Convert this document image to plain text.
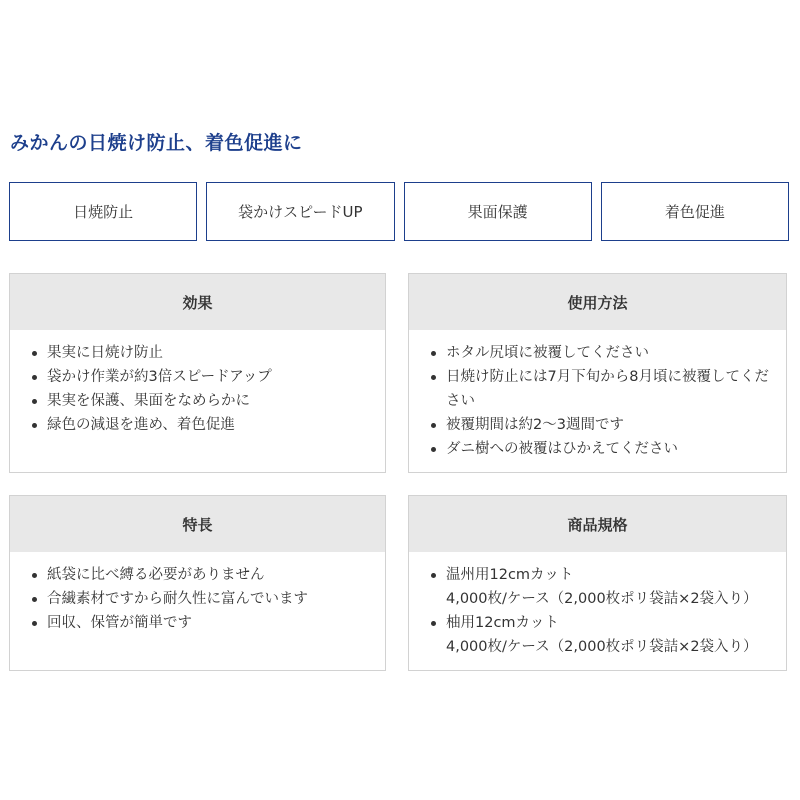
みかんの日焼け防止、着色促進に
日焼防止	袋かけスピードUP	果面保護	着色促進
効果
果実に日焼け防止
袋かけ作業が約3倍スピードアップ
果実を保護、果面をなめらかに
緑色の減退を進め、着色促進
使用方法
ホタル尻頃に被覆してください
日焼け防止には7月下旬から8月頃に被覆してください
被覆期間は約2～3週間です
ダニ樹への被覆はひかえてください
特長
紙袋に比べ縛る必要がありません
合繊素材ですから耐久性に富んでいます
回収、保管が簡単です
商品規格
温州用12cmカット
4,000枚/ケース（2,000枚ポリ袋詰×2袋入り）
柚用12cmカット
4,000枚/ケース（2,000枚ポリ袋詰×2袋入り）
